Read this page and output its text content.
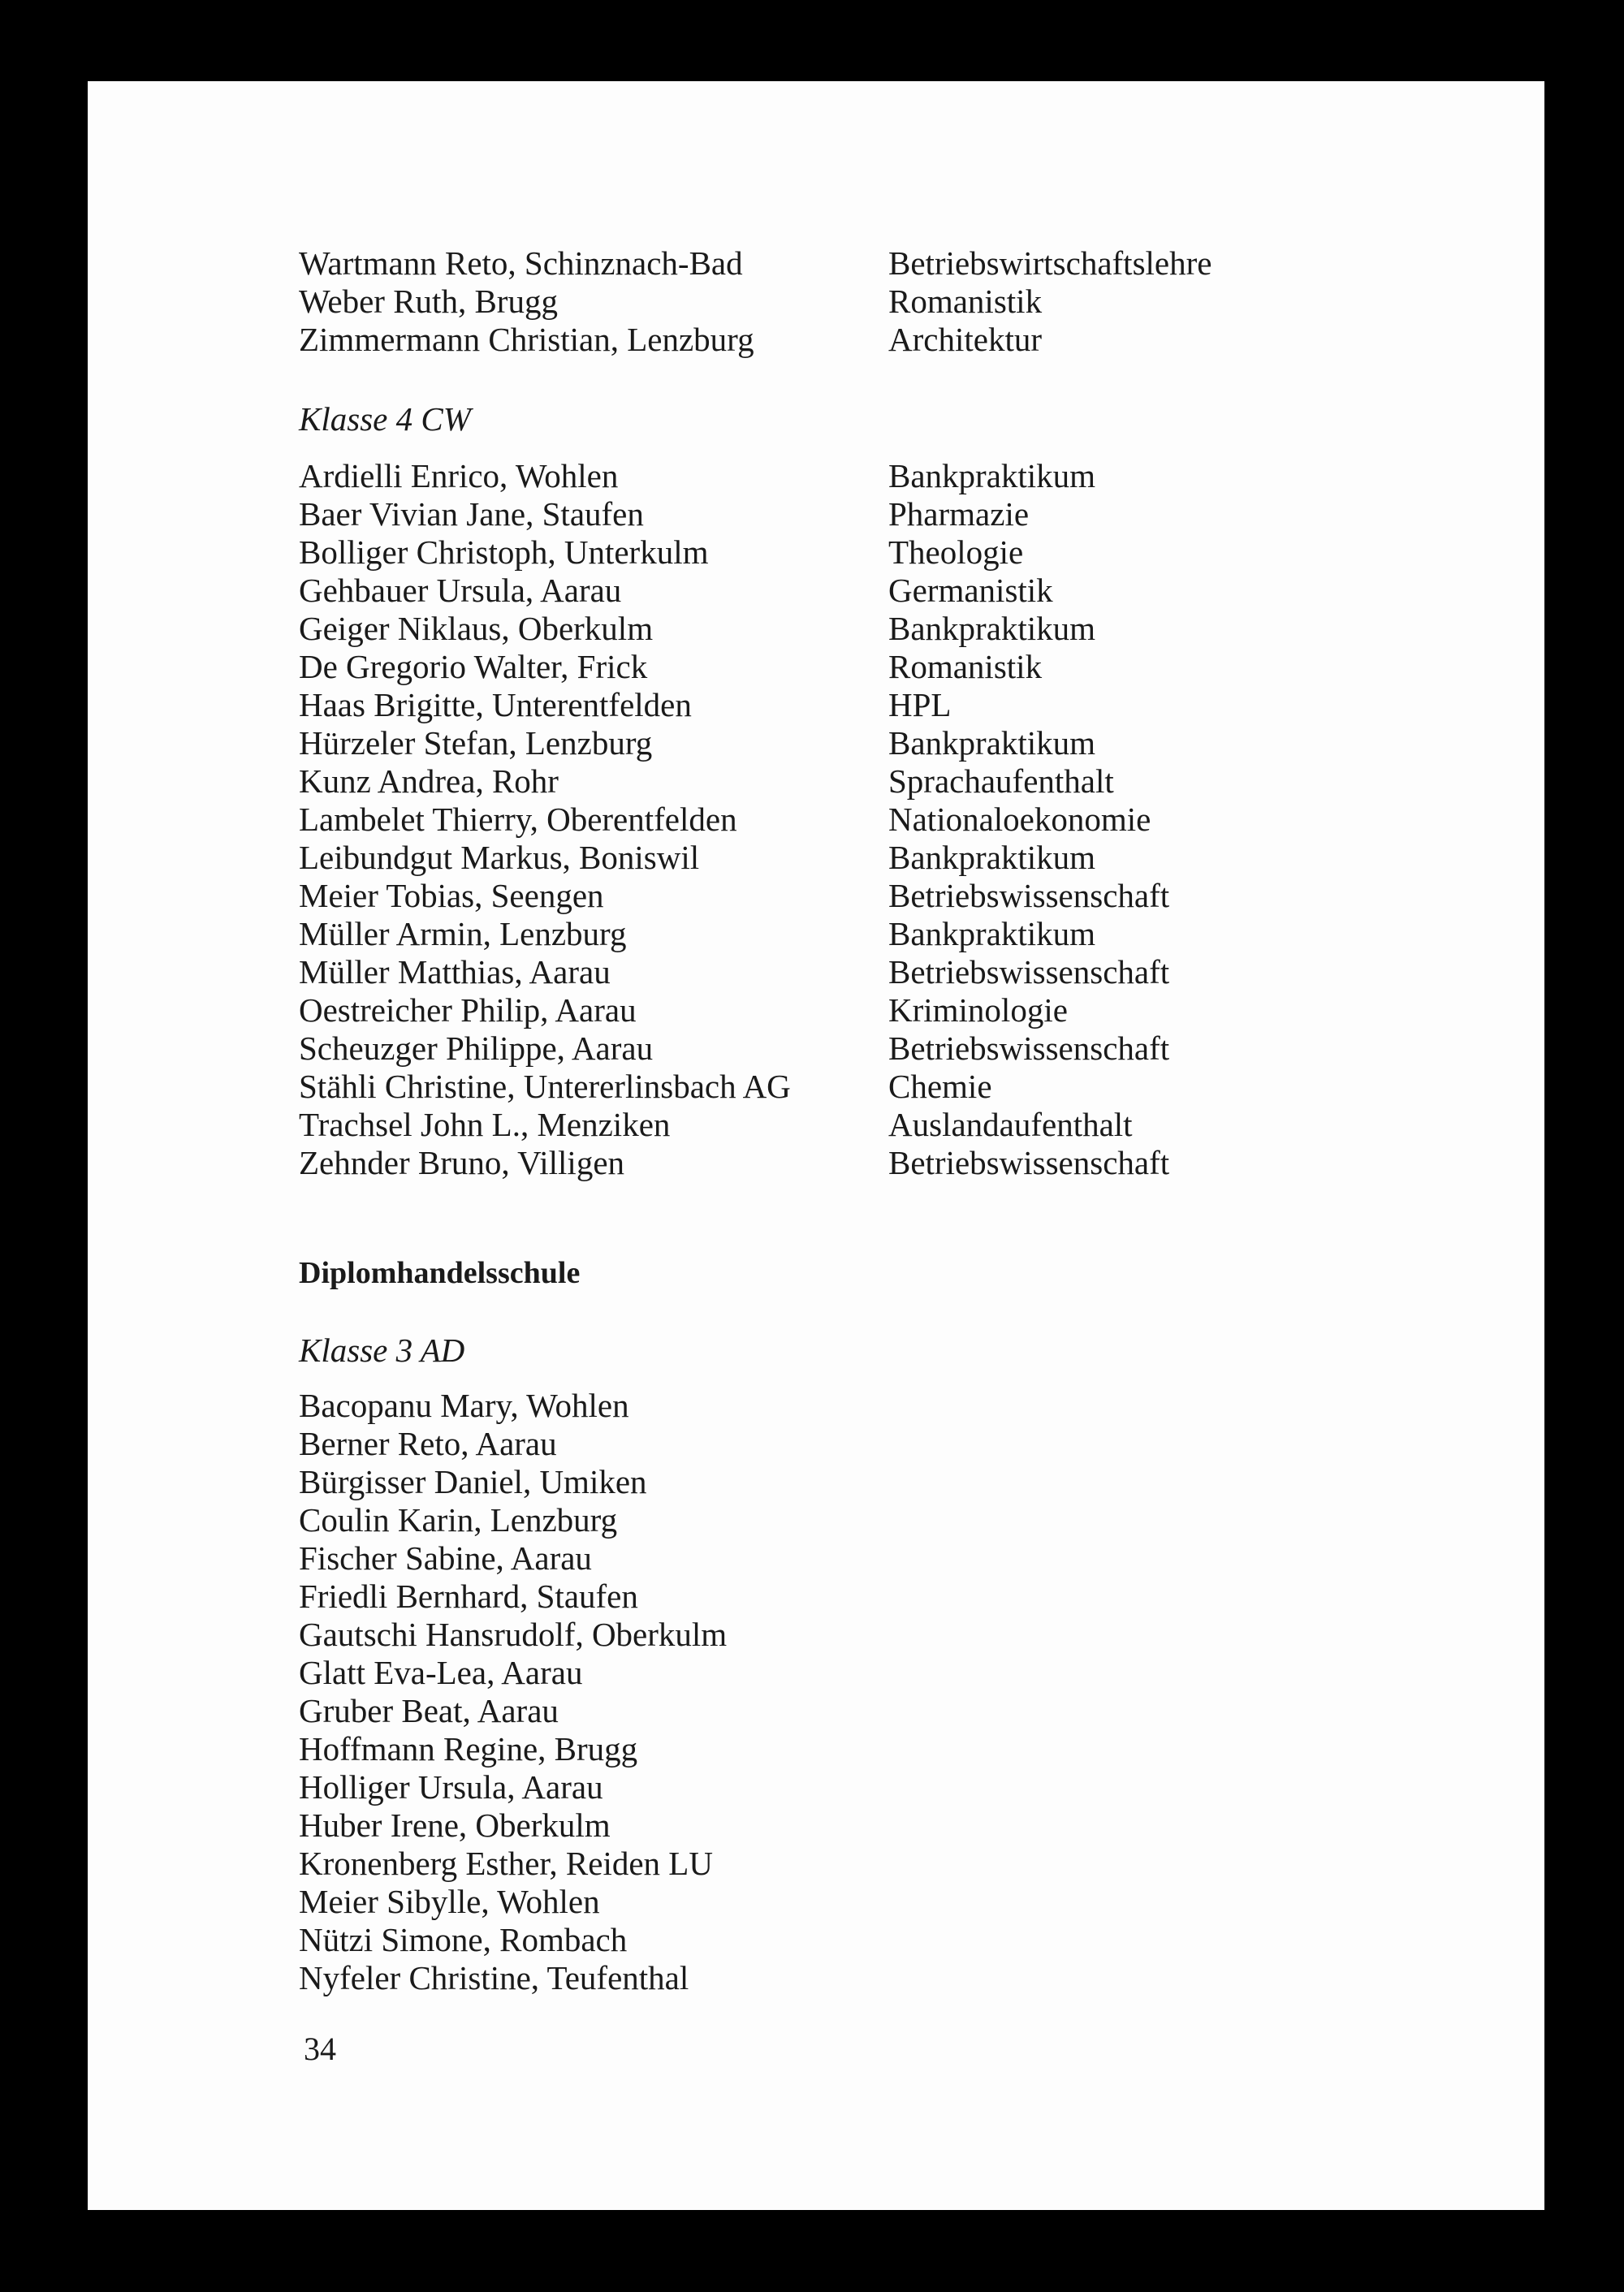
Wartmann Reto, Schinznach-Bad	Betriebswirtschaftslehre
Weber Ruth, Brugg	Romanistik
Zimmermann Christian, Lenzburg	Architektur
Klasse 4 CW
Ardielli Enrico, Wohlen	Bankpraktikum
Baer Vivian Jane, Staufen	Pharmazie
Bolliger Christoph, Unterkulm	Theologie
Gehbauer Ursula, Aarau	Germanistik
Geiger Niklaus, Oberkulm	Bankpraktikum
De Gregorio Walter, Frick	Romanistik
Haas Brigitte, Unterentfelden	HPL
Hürzeler Stefan, Lenzburg	Bankpraktikum
Kunz Andrea, Rohr	Sprachaufenthalt
Lambelet Thierry, Oberentfelden	Nationaloekonomie
Leibundgut Markus, Boniswil	Bankpraktikum
Meier Tobias, Seengen	Betriebswissenschaft
Müller Armin, Lenzburg	Bankpraktikum
Müller Matthias, Aarau	Betriebswissenschaft
Oestreicher Philip, Aarau	Kriminologie
Scheuzger Philippe, Aarau	Betriebswissenschaft
Stähli Christine, Untererlinsbach AG	Chemie
Trachsel John L., Menziken	Auslandaufenthalt
Zehnder Bruno, Villigen	Betriebswissenschaft
Diplomhandelsschule
Klasse 3 AD
Bacopanu Mary, Wohlen
Berner Reto, Aarau
Bürgisser Daniel, Umiken
Coulin Karin, Lenzburg
Fischer Sabine, Aarau
Friedli Bernhard, Staufen
Gautschi Hansrudolf, Oberkulm
Glatt Eva-Lea, Aarau
Gruber Beat, Aarau
Hoffmann Regine, Brugg
Holliger Ursula, Aarau
Huber Irene, Oberkulm
Kronenberg Esther, Reiden LU
Meier Sibylle, Wohlen
Nützi Simone, Rombach
Nyfeler Christine, Teufenthal
34
